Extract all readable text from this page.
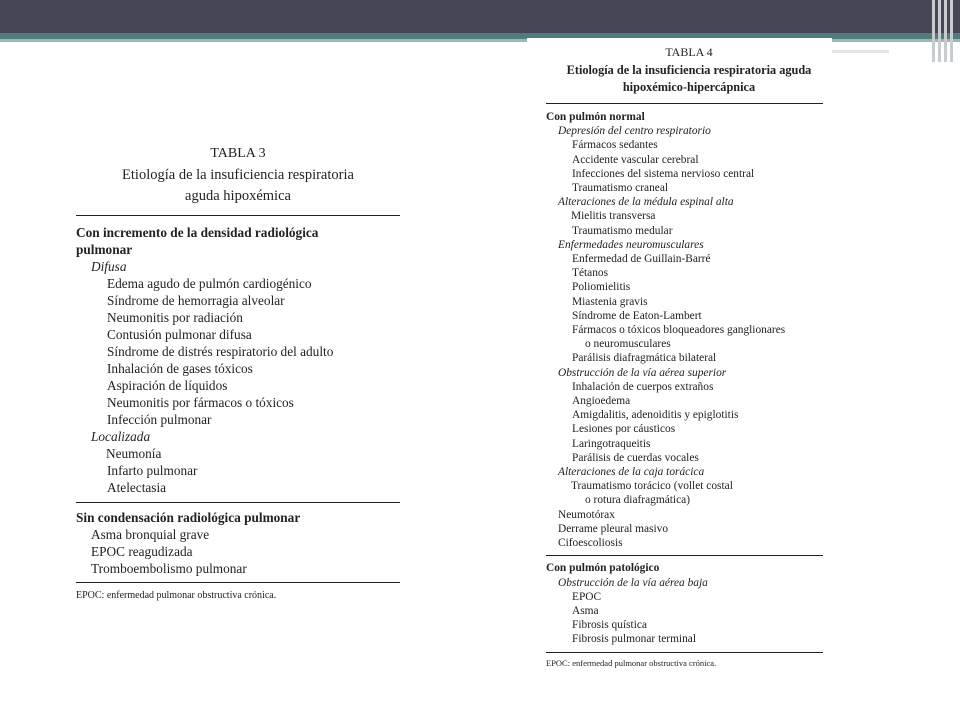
TABLA 3
Etiología de la insuficiencia respiratoria
aguda hipoxémica
Con incremento de la densidad radiológica
pulmonar
Difusa
Edema agudo de pulmón cardiogénico
Síndrome de hemorragia alveolar
Neumonitis por radiación
Contusión pulmonar difusa
Síndrome de distrés respiratorio del adulto
Inhalación de gases tóxicos
Aspiración de líquidos
Neumonitis por fármacos o tóxicos
Infección pulmonar
Localizada
Neumonía
Infarto pulmonar
Atelectasia
Sin condensación radiológica pulmonar
Asma bronquial grave
EPOC reagudizada
Tromboembolismo pulmonar
EPOC: enfermedad pulmonar obstructiva crónica.
TABLA 4
Etiología de la insuficiencia respiratoria aguda
hipoxémico-hipercápnica
Con pulmón normal
Depresión del centro respiratorio
Fármacos sedantes
Accidente vascular cerebral
Infecciones del sistema nervioso central
Traumatismo craneal
Alteraciones de la médula espinal alta
Mielitis transversa
Traumatismo medular
Enfermedades neuromusculares
Enfermedad de Guillain-Barré
Tétanos
Poliomielitis
Miastenia gravis
Síndrome de Eaton-Lambert
Fármacos o tóxicos bloqueadores ganglionares
o neuromusculares
Parálisis diafragmática bilateral
Obstrucción de la vía aérea superior
Inhalación de cuerpos extraños
Angioedema
Amigdalitis, adenoiditis y epiglotitis
Lesiones por cáusticos
Laringotraqueitis
Parálisis de cuerdas vocales
Alteraciones de la caja torácica
Traumatismo torácico (vollet costal
o rotura diafragmática)
Neumotórax
Derrame pleural masivo
Cifoescoliosis
Con pulmón patológico
Obstrucción de la vía aérea baja
EPOC
Asma
Fibrosis quística
Fibrosis pulmonar terminal
EPOC: enfermedad pulmonar obstructiva crónica.
